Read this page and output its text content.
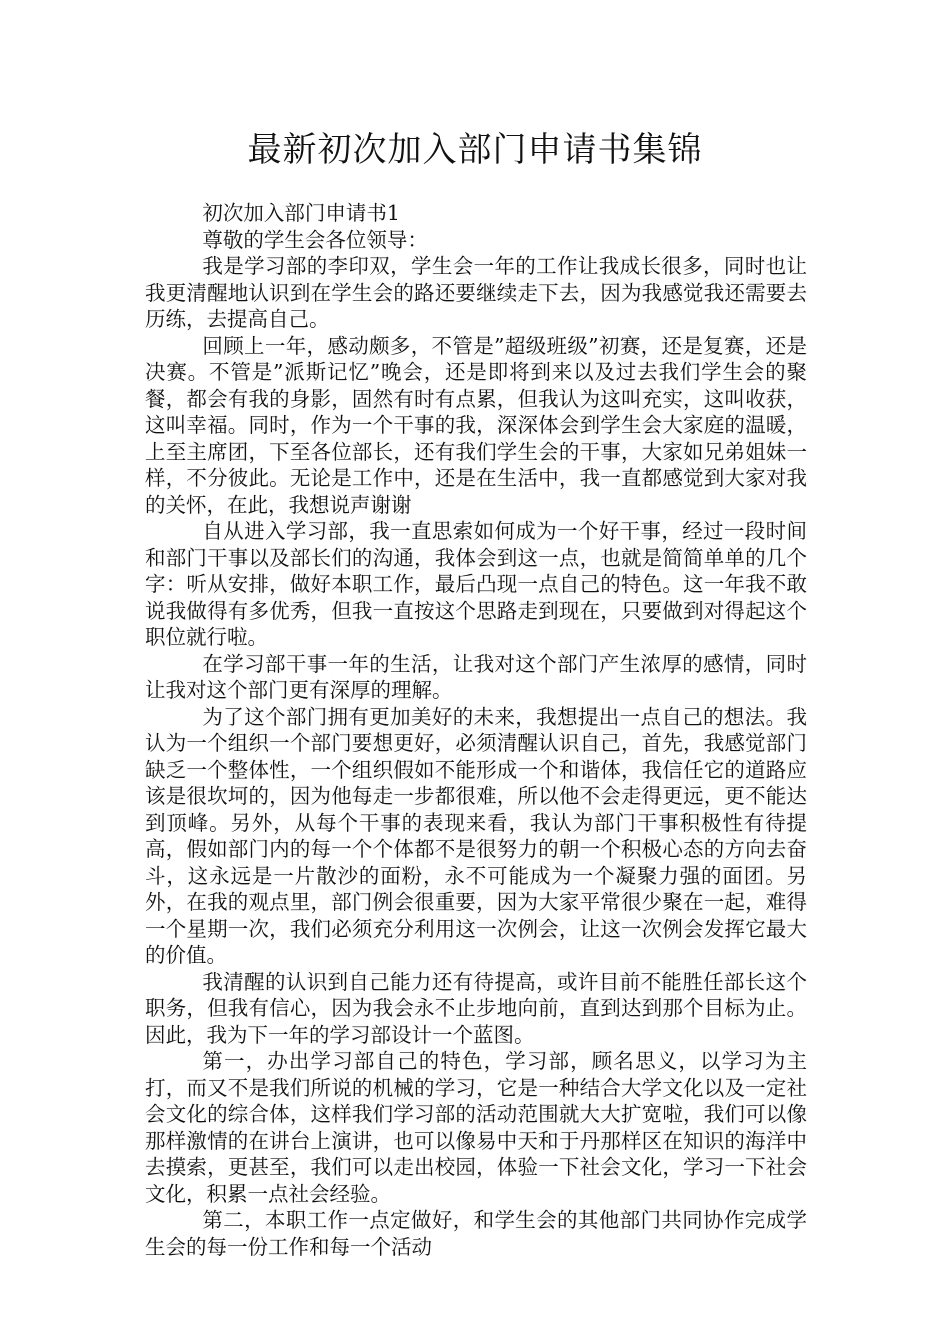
最新初次加入部门申请书集锦

初次加入部门申请书1

尊敬的学生会各位领导：

我是学习部的李印双，学生会一年的工作让我成长很多，同时也让我更清醒地认识到在学生会的路还要继续走下去，因为我感觉我还需要去历练，去提高自己。

回顾上一年，感动颇多，不管是”超级班级”初赛，还是复赛，还是决赛。不管是”派斯记忆”晚会，还是即将到来以及过去我们学生会的聚餐，都会有我的身影，固然有时有点累，但我认为这叫充实，这叫收获，这叫幸福。同时，作为一个干事的我，深深体会到学生会大家庭的温暖，上至主席团，下至各位部长，还有我们学生会的干事，大家如兄弟姐妹一样，不分彼此。无论是工作中，还是在生活中，我一直都感觉到大家对我的关怀，在此，我想说声谢谢

自从进入学习部，我一直思索如何成为一个好干事，经过一段时间和部门干事以及部长们的沟通，我体会到这一点，也就是简简单单的几个字：听从安排，做好本职工作，最后凸现一点自己的特色。这一年我不敢说我做得有多优秀，但我一直按这个思路走到现在，只要做到对得起这个职位就行啦。

在学习部干事一年的生活，让我对这个部门产生浓厚的感情，同时让我对这个部门更有深厚的理解。

为了这个部门拥有更加美好的未来，我想提出一点自己的想法。我认为一个组织一个部门要想更好，必须清醒认识自己，首先，我感觉部门缺乏一个整体性，一个组织假如不能形成一个和谐体，我信任它的道路应该是很坎坷的，因为他每走一步都很难，所以他不会走得更远，更不能达到顶峰。另外，从每个干事的表现来看，我认为部门干事积极性有待提高，假如部门内的每一个个体都不是很努力的朝一个积极心态的方向去奋斗，这永远是一片散沙的面粉，永不可能成为一个凝聚力强的面团。另外，在我的观点里，部门例会很重要，因为大家平常很少聚在一起，难得一个星期一次，我们必须充分利用这一次例会，让这一次例会发挥它最大的价值。

我清醒的认识到自己能力还有待提高，或许目前不能胜任部长这个职务，但我有信心，因为我会永不止步地向前，直到达到那个目标为止。因此，我为下一年的学习部设计一个蓝图。

第一，办出学习部自己的特色，学习部，顾名思义，以学习为主打，而又不是我们所说的机械的学习，它是一种结合大学文化以及一定社会文化的综合体，这样我们学习部的活动范围就大大扩宽啦，我们可以像那样激情的在讲台上演讲，也可以像易中天和于丹那样区在知识的海洋中去摸索，更甚至，我们可以走出校园，体验一下社会文化，学习一下社会文化，积累一点社会经验。

第二，本职工作一点定做好，和学生会的其他部门共同协作完成学生会的每一份工作和每一个活动
